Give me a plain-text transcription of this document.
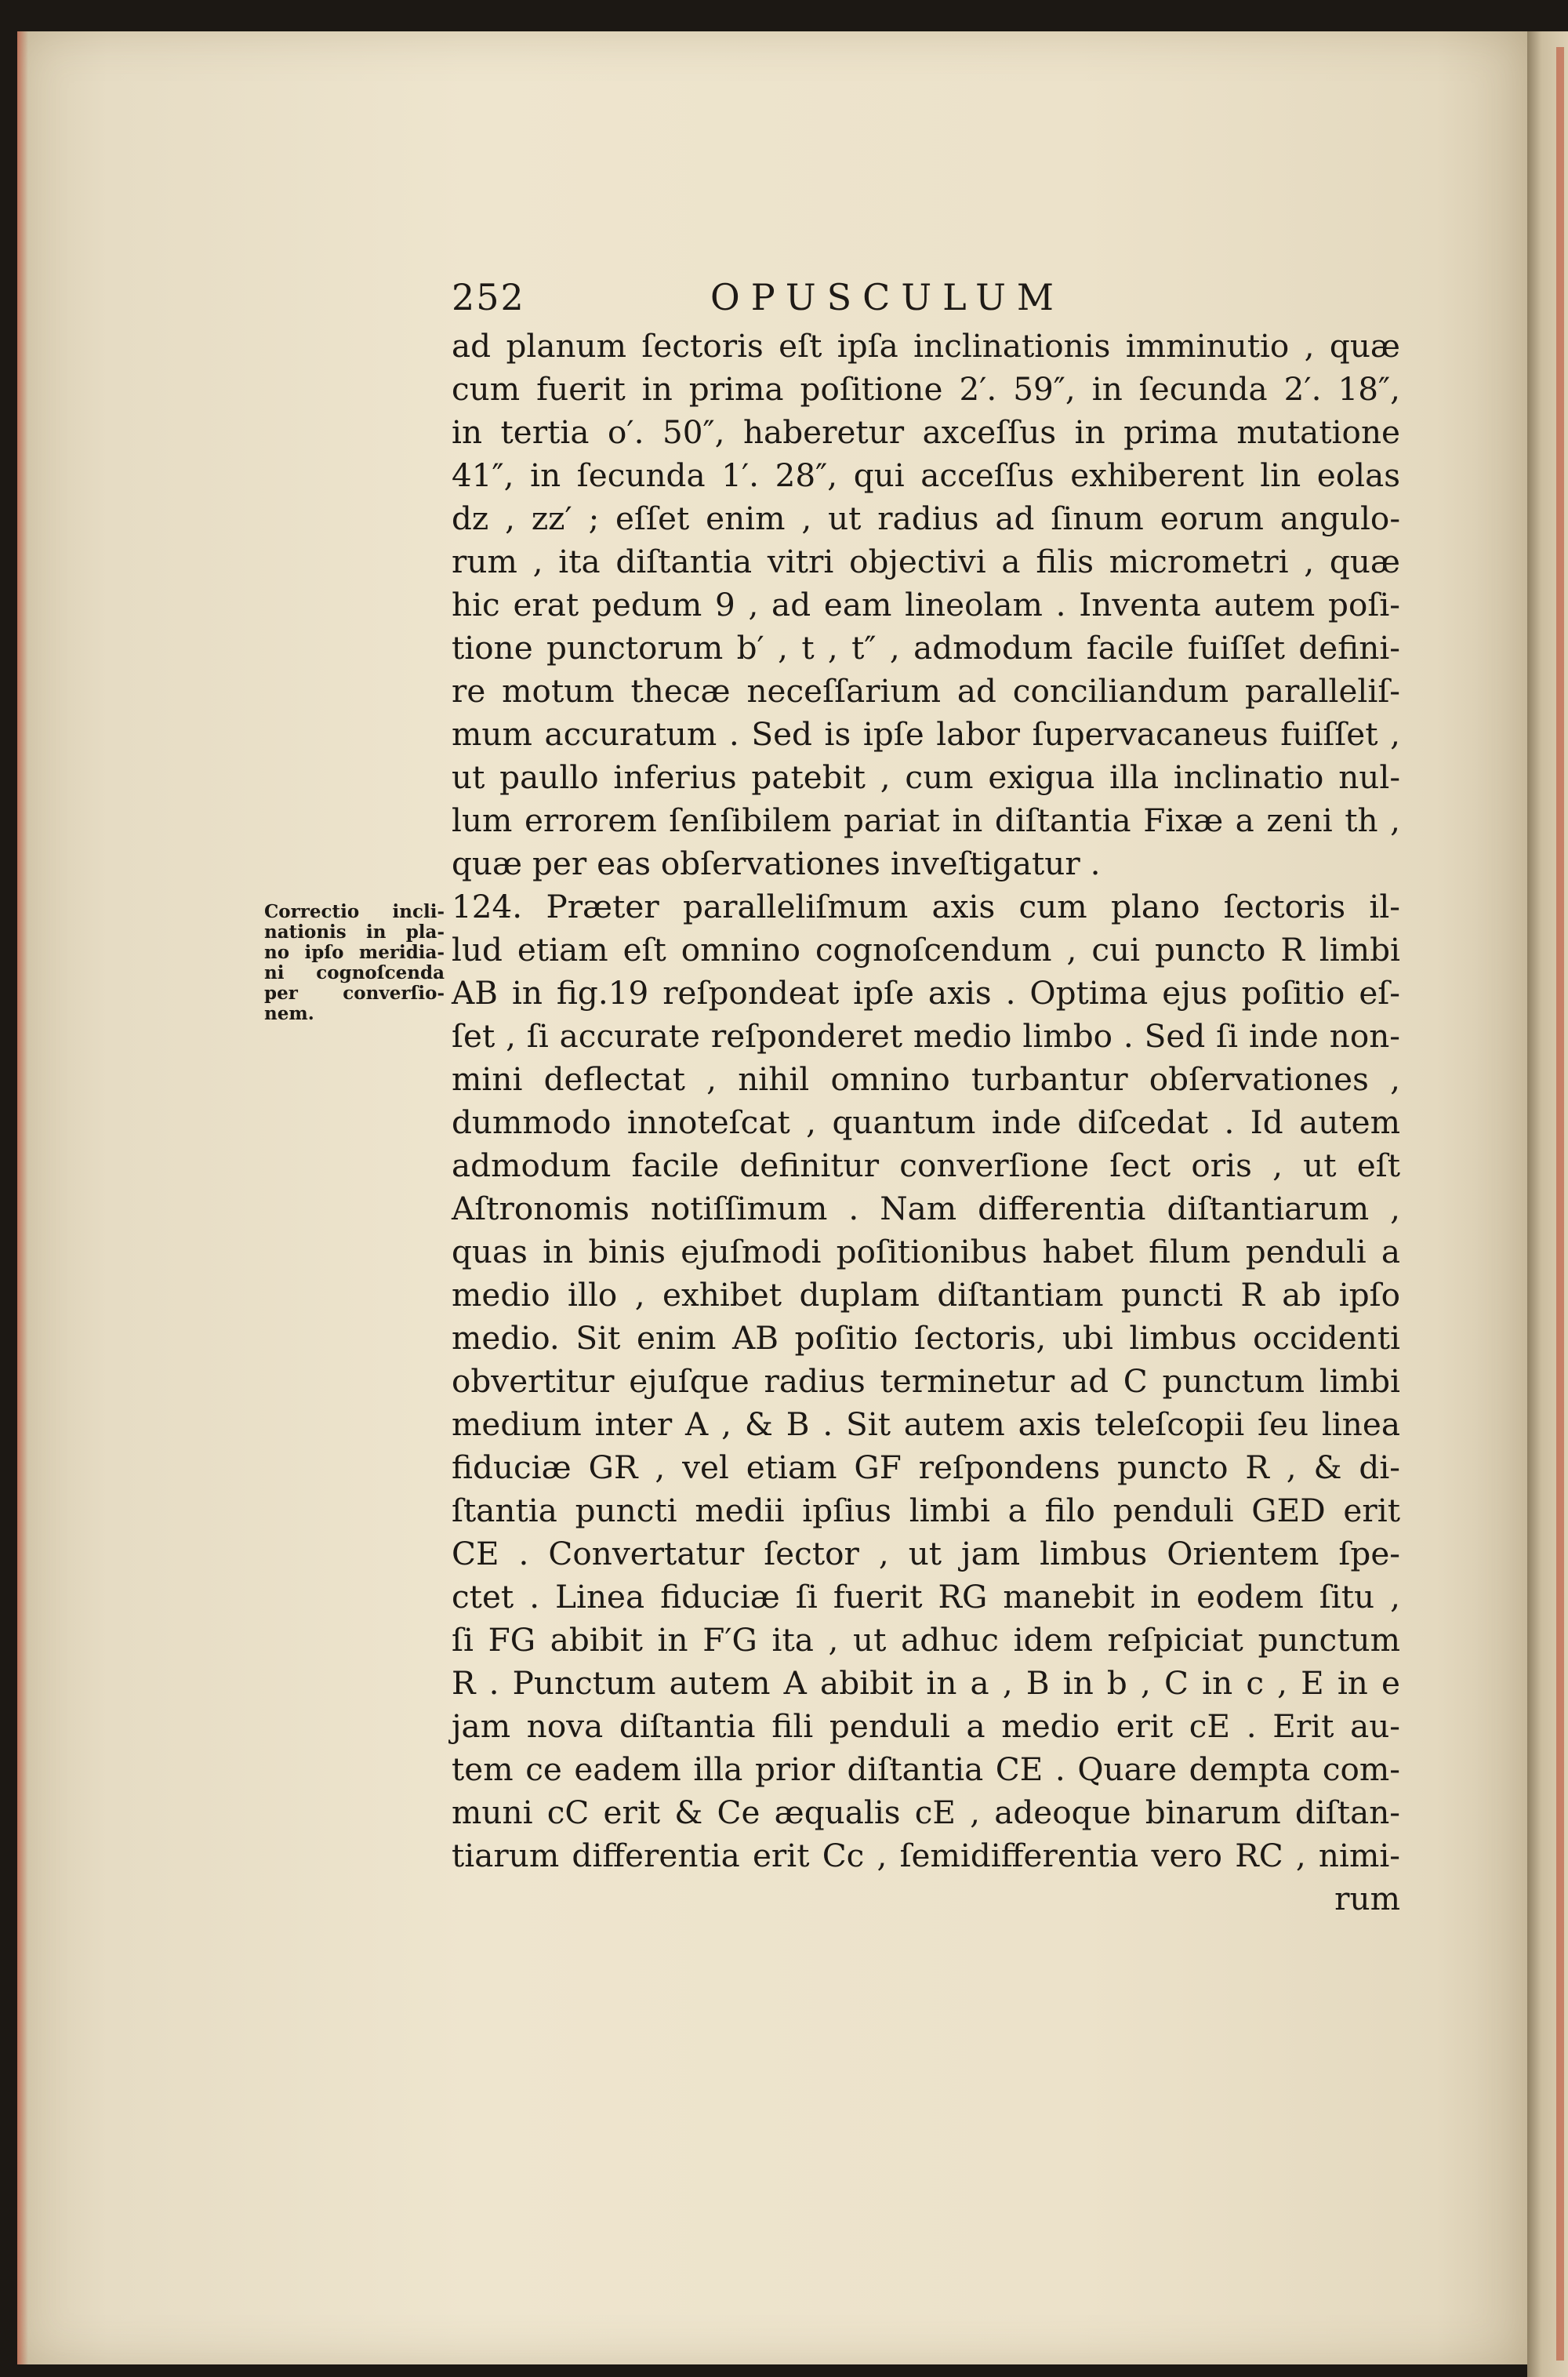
252	OPUSCULUM
Correctio incli-
nationis in pla-
no ipſo meridia-
ni cognoſcenda
per converſio-
nem.
ad planum ſectoris eſt ipſa inclinationis imminutio , quæ
cum fuerit in prima poſitione 2′. 59″, in ſecunda 2′. 18″,
in tertia o′. 50″, haberetur axceſſus in prima mutatione
41″, in ſecunda 1′. 28″, qui acceſſus exhiberent lin eolas
dz , zz′ ; eſſet enim , ut radius ad ſinum eorum angulo-
rum , ita diſtantia vitri objectivi a filis micrometri , quæ
hic erat pedum 9 , ad eam lineolam . Inventa autem poſi-
tione punctorum b′ , t , t″ , admodum facile fuiſſet defini-
re motum thecæ neceſſarium ad conciliandum paralleliſ-
mum accuratum . Sed is ipſe labor ſupervacaneus fuiſſet ,
ut paullo inferius patebit , cum exigua illa inclinatio nul-
lum errorem ſenſibilem pariat in diſtantia Fixæ a zeni th ,
quæ per eas obſervationes inveſtigatur .
124. Præter paralleliſmum axis cum plano ſectoris il-
lud etiam eſt omnino cognoſcendum , cui puncto R limbi
AB in fig.19 reſpondeat ipſe axis . Optima ejus poſitio eſ-
ſet , ſi accurate reſponderet medio limbo . Sed ſi inde non-
mini deflectat , nihil omnino turbantur obſervationes ,
dummodo innoteſcat , quantum inde diſcedat . Id autem
admodum facile definitur converſione ſect oris , ut eſt
Aſtronomis notiſſimum . Nam differentia diſtantiarum ,
quas in binis ejuſmodi poſitionibus habet filum penduli a
medio illo , exhibet duplam diſtantiam puncti R ab ipſo
medio. Sit enim AB poſitio ſectoris, ubi limbus occidenti
obvertitur ejuſque radius terminetur ad C punctum limbi
medium inter A , & B . Sit autem axis teleſcopii ſeu linea
fiduciæ GR , vel etiam GF reſpondens puncto R , & di-
ſtantia puncti medii ipſius limbi a filo penduli GED erit
CE . Convertatur ſector , ut jam limbus Orientem ſpe-
ctet . Linea fiduciæ ſi fuerit RG manebit in eodem ſitu ,
ſi FG abibit in F′G ita , ut adhuc idem reſpiciat punctum
R . Punctum autem A abibit in a , B in b , C in c , E in e
jam nova diſtantia fili penduli a medio erit cE . Erit au-
tem ce eadem illa prior diſtantia CE . Quare dempta com-
muni cC erit & Ce æqualis cE , adeoque binarum diſtan-
tiarum differentia erit Cc , ſemidifferentia vero RC , nimi-
rum
